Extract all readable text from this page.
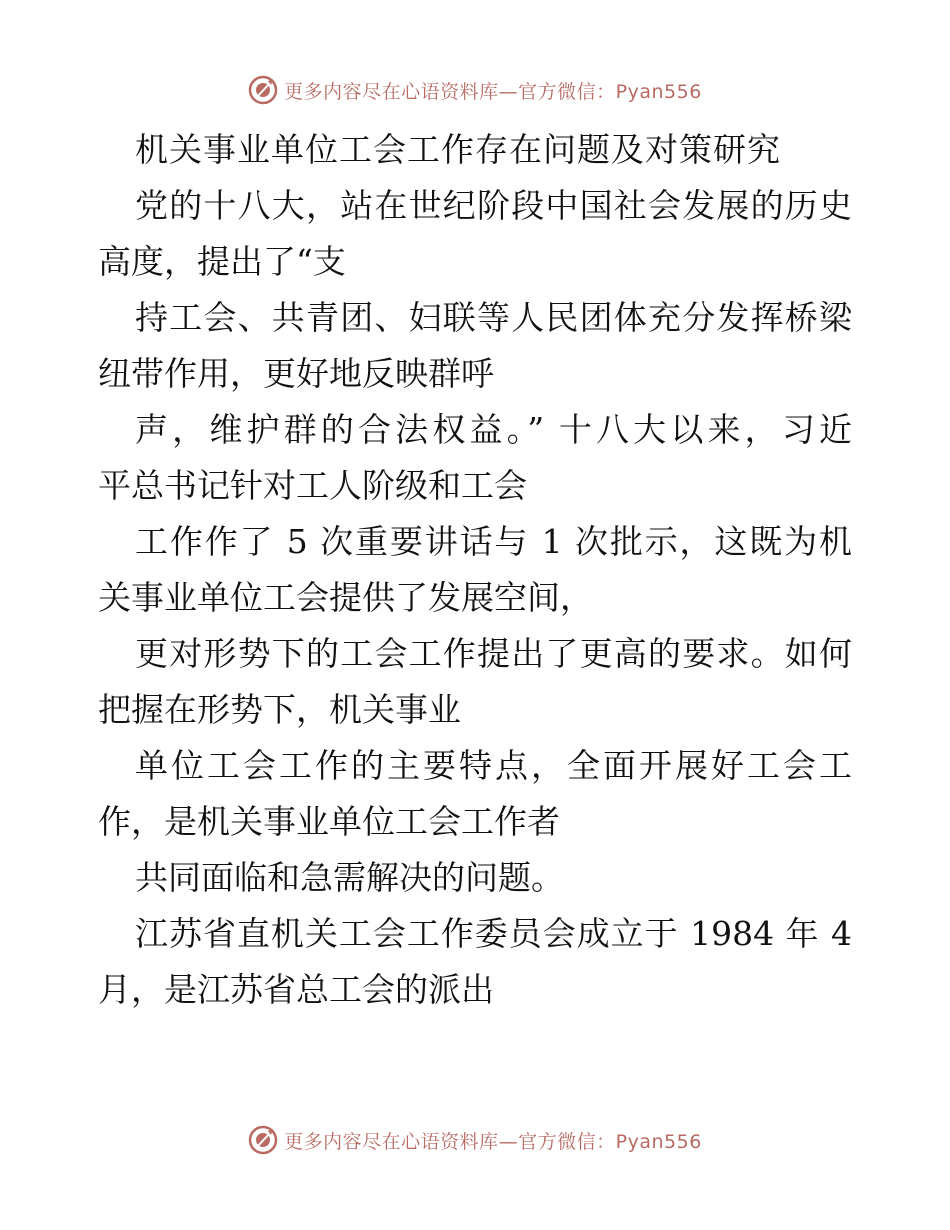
更多内容尽在心语资料库—官方微信：Pyan556
机关事业单位工会工作存在问题及对策研究
党的十八大，站在世纪阶段中国社会发展的历史
高度，提出了“支
持工会、共青团、妇联等人民团体充分发挥桥梁
纽带作用，更好地反映群呼
声，维护群的合法权益。” 十八大以来，习近
平总书记针对工人阶级和工会
工作作了 5 次重要讲话与 1 次批示，这既为机
关事业单位工会提供了发展空间，
更对形势下的工会工作提出了更高的要求。如何
把握在形势下，机关事业
单位工会工作的主要特点，全面开展好工会工
作，是机关事业单位工会工作者
共同面临和急需解决的问题。
江苏省直机关工会工作委员会成立于 1984 年 4
月，是江苏省总工会的派出
更多内容尽在心语资料库—官方微信：Pyan556
